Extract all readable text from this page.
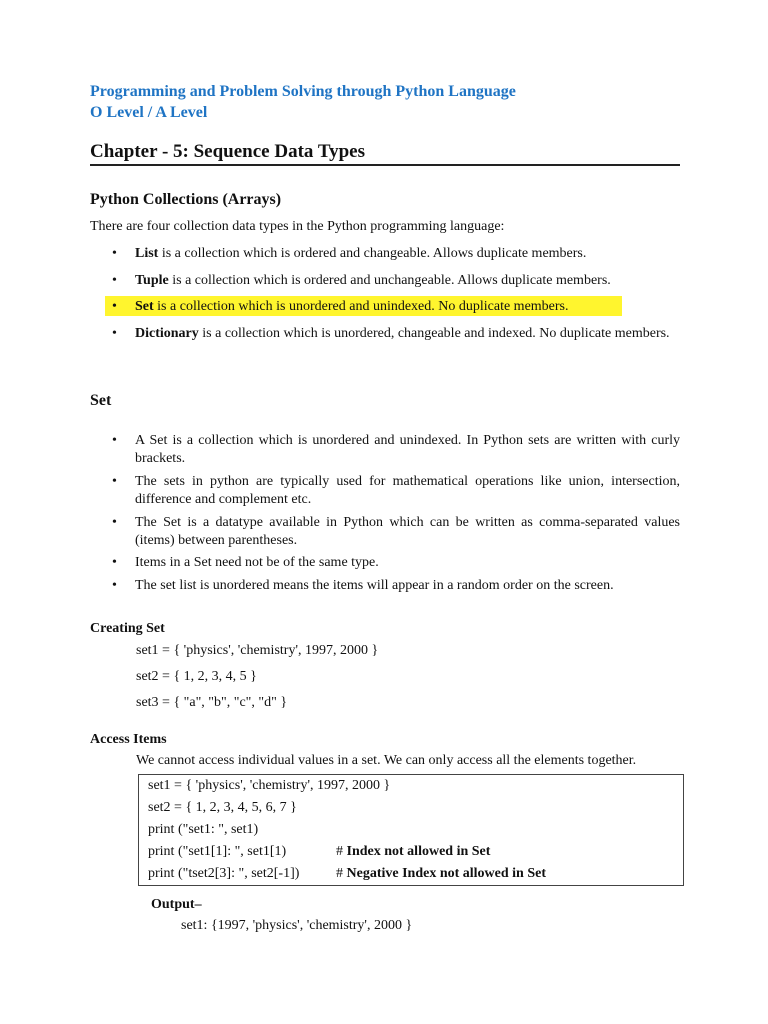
Programming and Problem Solving through Python Language
O Level / A Level
Chapter - 5: Sequence Data Types
Python Collections (Arrays)
There are four collection data types in the Python programming language:
• List is a collection which is ordered and changeable. Allows duplicate members.
• Tuple is a collection which is ordered and unchangeable. Allows duplicate members.
• Set is a collection which is unordered and unindexed. No duplicate members.
• Dictionary is a collection which is unordered, changeable and indexed. No duplicate members.
Set
• A Set is a collection which is unordered and unindexed. In Python sets are written with curly brackets.
• The sets in python are typically used for mathematical operations like union, intersection, difference and complement etc.
• The Set is a datatype available in Python which can be written as comma-separated values (items) between parentheses.
• Items in a Set need not be of the same type.
• The set list is unordered means the items will appear in a random order on the screen.
Creating Set
set1 = { 'physics', 'chemistry', 1997, 2000 }
set2 = { 1, 2, 3, 4, 5 }
set3 = { "a", "b", "c", "d" }
Access Items
We cannot access individual values in a set. We can only access all the elements together.
set1 = { 'physics', 'chemistry', 1997, 2000 }
set2 = { 1, 2, 3, 4, 5, 6, 7 }
print ("set1: ", set1)
print ("set1[1]: ", set1[1)	# Index not allowed in Set
print ("tset2[3]: ", set2[-1])	# Negative Index not allowed in Set
Output–
set1: {1997, 'physics', 'chemistry', 2000 }
